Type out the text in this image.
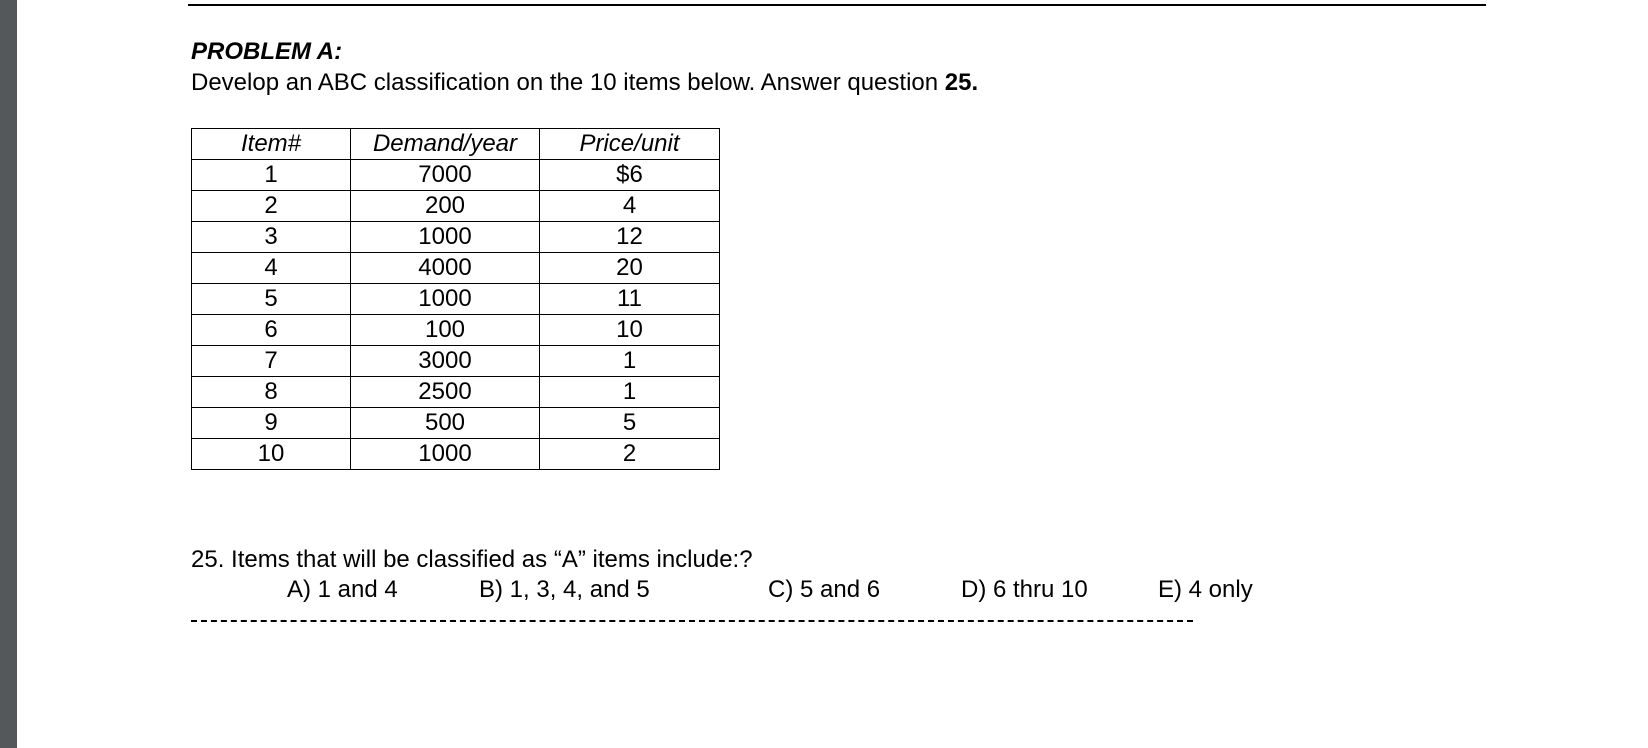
PROBLEM A:
Develop an ABC classification on the 10 items below. Answer question 25.
Item#	Demand/year	Price/unit
1	7000	$6
2	200	4
3	1000	12
4	4000	20
5	1000	11
6	100	10
7	3000	1
8	2500	1
9	500	5
10	1000	2
25. Items that will be classified as “A” items include:?
A) 1 and 4	B) 1, 3, 4, and 5	C) 5 and 6	D) 6 thru 10	E) 4 only
